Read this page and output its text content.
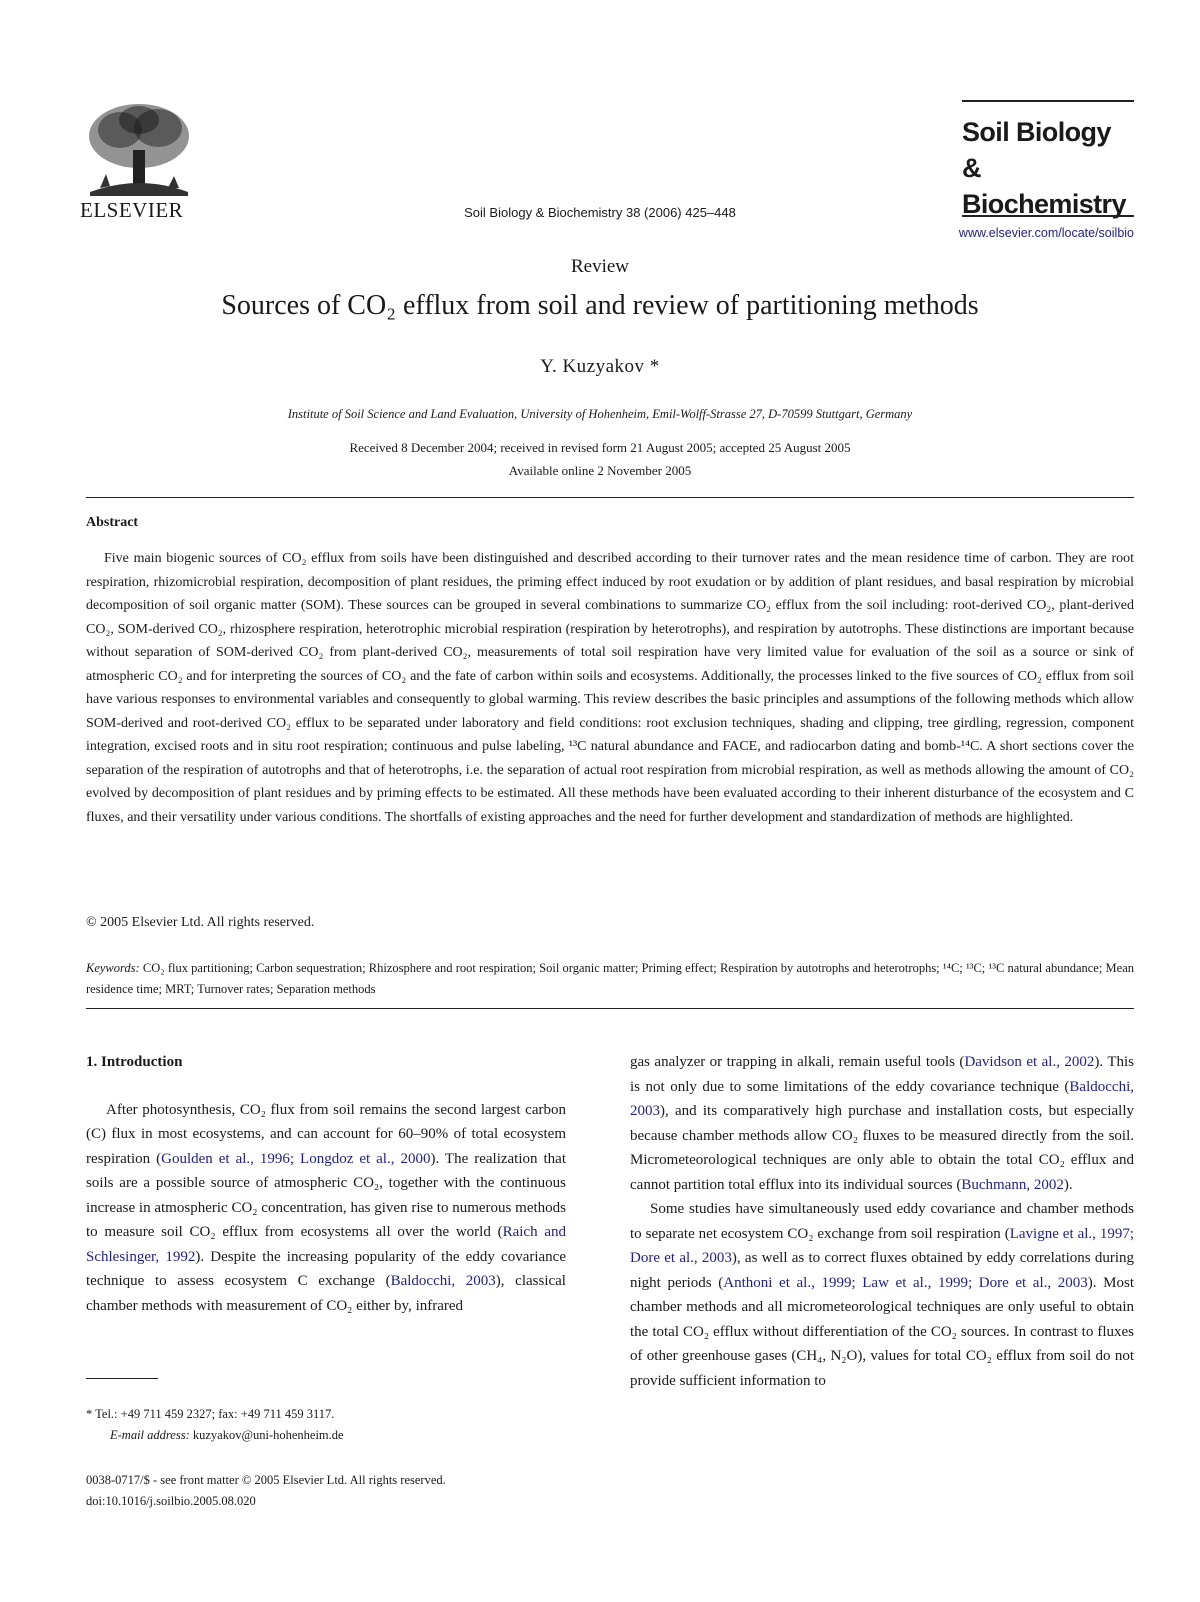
ELSEVIER	Soil Biology & Biochemistry 38 (2006) 425–448
Soil Biology &
Biochemistry
www.elsevier.com/locate/soilbio
Review
Sources of CO₂ efflux from soil and review of partitioning methods
Y. Kuzyakov *
Institute of Soil Science and Land Evaluation, University of Hohenheim, Emil-Wolff-Strasse 27, D-70599 Stuttgart, Germany
Received 8 December 2004; received in revised form 21 August 2005; accepted 25 August 2005
Available online 2 November 2005
Abstract
Five main biogenic sources of CO₂ efflux from soils have been distinguished and described according to their turnover rates and the mean residence time of carbon. They are root respiration, rhizomicrobial respiration, decomposition of plant residues, the priming effect induced by root exudation or by addition of plant residues, and basal respiration by microbial decomposition of soil organic matter (SOM). These sources can be grouped in several combinations to summarize CO₂ efflux from the soil including: root-derived CO₂, plant-derived CO₂, SOM-derived CO₂, rhizosphere respiration, heterotrophic microbial respiration (respiration by heterotrophs), and respiration by autotrophs. These distinctions are important because without separation of SOM-derived CO₂ from plant-derived CO₂, measurements of total soil respiration have very limited value for evaluation of the soil as a source or sink of atmospheric CO₂ and for interpreting the sources of CO₂ and the fate of carbon within soils and ecosystems. Additionally, the processes linked to the five sources of CO₂ efflux from soil have various responses to environmental variables and consequently to global warming. This review describes the basic principles and assumptions of the following methods which allow SOM-derived and root-derived CO₂ efflux to be separated under laboratory and field conditions: root exclusion techniques, shading and clipping, tree girdling, regression, component integration, excised roots and in situ root respiration; continuous and pulse labeling, ¹³C natural abundance and FACE, and radiocarbon dating and bomb-¹⁴C. A short sections cover the separation of the respiration of autotrophs and that of heterotrophs, i.e. the separation of actual root respiration from microbial respiration, as well as methods allowing the amount of CO₂ evolved by decomposition of plant residues and by priming effects to be estimated. All these methods have been evaluated according to their inherent disturbance of the ecosystem and C fluxes, and their versatility under various conditions. The shortfalls of existing approaches and the need for further development and standardization of methods are highlighted.
© 2005 Elsevier Ltd. All rights reserved.
Keywords: CO₂ flux partitioning; Carbon sequestration; Rhizosphere and root respiration; Soil organic matter; Priming effect; Respiration by autotrophs and heterotrophs; ¹⁴C; ¹³C; ¹³C natural abundance; Mean residence time; MRT; Turnover rates; Separation methods
1. Introduction
After photosynthesis, CO₂ flux from soil remains the second largest carbon (C) flux in most ecosystems, and can account for 60–90% of total ecosystem respiration (Goulden et al., 1996; Longdoz et al., 2000). The realization that soils are a possible source of atmospheric CO₂, together with the continuous increase in atmospheric CO₂ concentration, has given rise to numerous methods to measure soil CO₂ efflux from ecosystems all over the world (Raich and Schlesinger, 1992). Despite the increasing popularity of the eddy covariance technique to assess ecosystem C exchange (Baldocchi, 2003), classical chamber methods with measurement of CO₂ either by, infrared
* Tel.: +49 711 459 2327; fax: +49 711 459 3117.
E-mail address: kuzyakov@uni-hohenheim.de
0038-0717/$ - see front matter © 2005 Elsevier Ltd. All rights reserved.
doi:10.1016/j.soilbio.2005.08.020
gas analyzer or trapping in alkali, remain useful tools (Davidson et al., 2002). This is not only due to some limitations of the eddy covariance technique (Baldocchi, 2003), and its comparatively high purchase and installation costs, but especially because chamber methods allow CO₂ fluxes to be measured directly from the soil. Micrometeorological techniques are only able to obtain the total CO₂ efflux and cannot partition total efflux into its individual sources (Buchmann, 2002).
Some studies have simultaneously used eddy covariance and chamber methods to separate net ecosystem CO₂ exchange from soil respiration (Lavigne et al., 1997; Dore et al., 2003), as well as to correct fluxes obtained by eddy correlations during night periods (Anthoni et al., 1999; Law et al., 1999; Dore et al., 2003). Most chamber methods and all micrometeorological techniques are only useful to obtain the total CO₂ efflux without differentiation of the CO₂ sources. In contrast to fluxes of other greenhouse gases (CH₄, N₂O), values for total CO₂ efflux from soil do not provide sufficient information to
